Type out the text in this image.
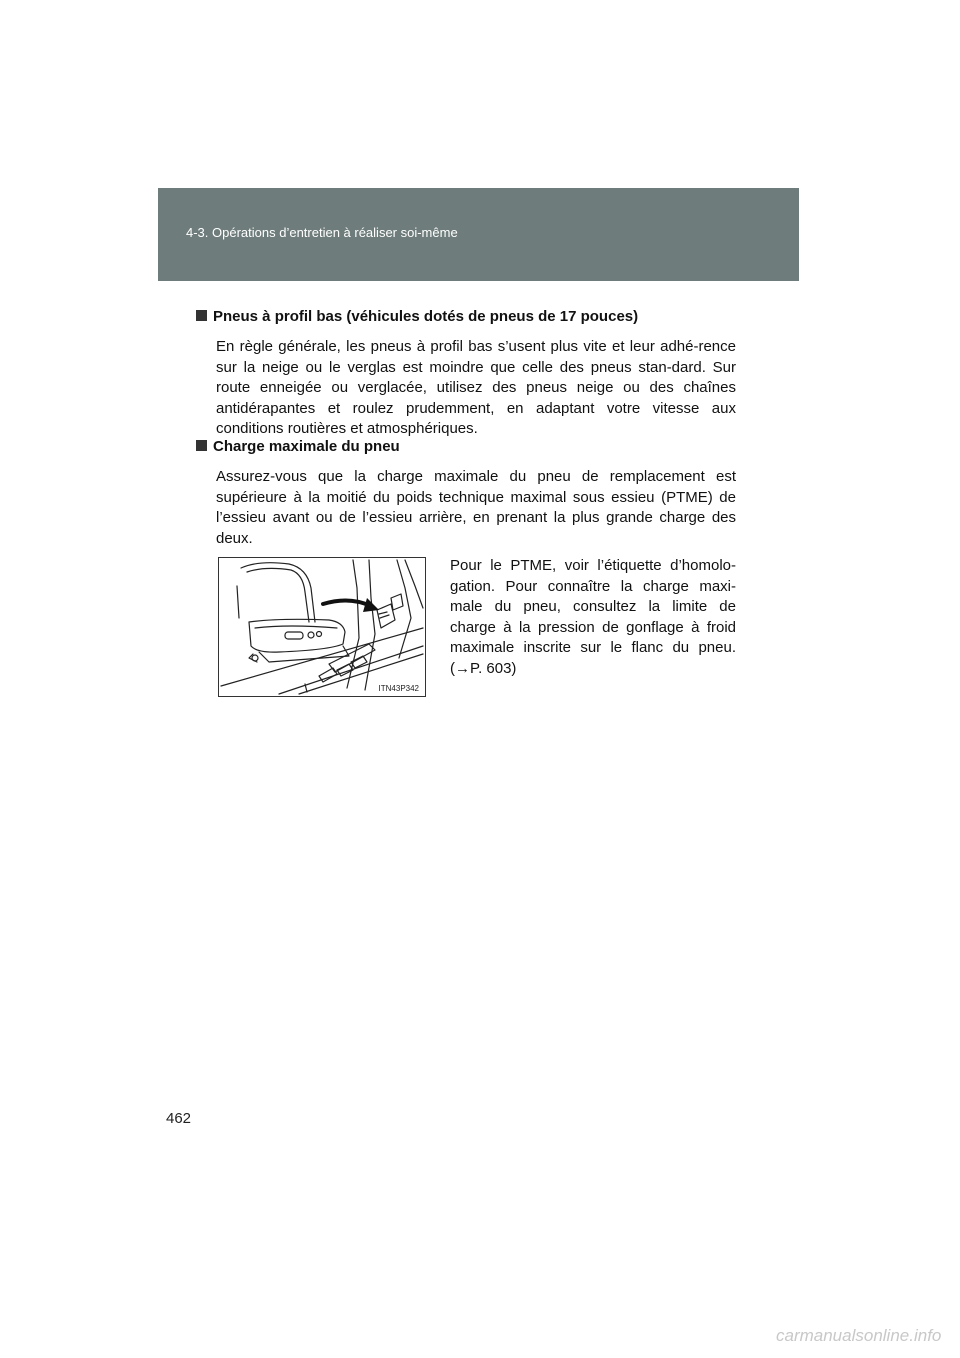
4-3. Opérations d’entretien à réaliser soi-même

Pneus à profil bas (véhicules dotés de pneus de 17 pouces)

En règle générale, les pneus à profil bas s’usent plus vite et leur adhé-rence sur la neige ou le verglas est moindre que celle des pneus stan-dard. Sur route enneigée ou verglacée, utilisez des pneus neige ou des chaînes antidérapantes et roulez prudemment, en adaptant votre vitesse aux conditions routières et atmosphériques.

Charge maximale du pneu

Assurez-vous que la charge maximale du pneu de remplacement est supérieure à la moitié du poids technique maximal sous essieu (PTME) de l’essieu avant ou de l’essieu arrière, en prenant la plus grande charge des deux.
ITN43P342
Pour le PTME, voir l’étiquette d’homolo-gation. Pour connaître la charge maxi-male du pneu, consultez la limite de charge à la pression de gonflage à froid maximale inscrite sur le flanc du pneu. (→P. 603)
462
carmanualsonline.info
